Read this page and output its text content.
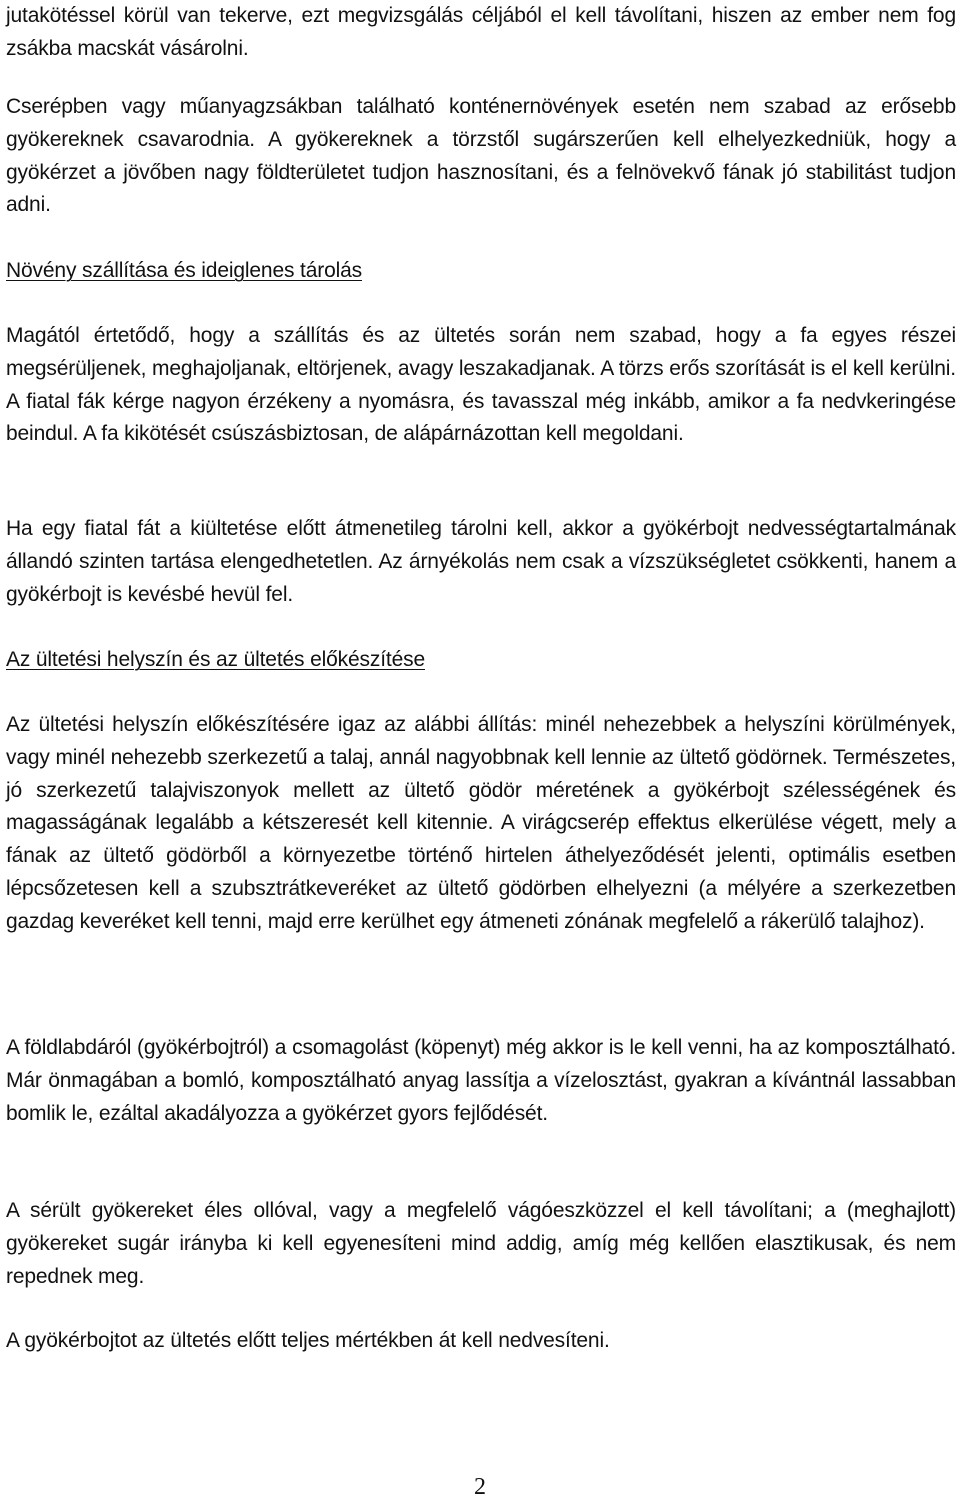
jutakötéssel körül van tekerve, ezt megvizsgálás céljából el kell távolítani, hiszen az ember nem fog zsákba macskát vásárolni.

Cserépben vagy műanyagzsákban található konténernövények esetén nem szabad az erősebb gyökereknek csavarodnia. A gyökereknek a törzstől sugárszerűen kell elhelyezkedniük, hogy a gyökérzet a jövőben nagy földterületet tudjon hasznosítani, és a felnövekvő fának jó stabilitást tudjon adni.

Növény szállítása és ideiglenes tárolás

Magától értetődő, hogy a szállítás és az ültetés során nem szabad, hogy a fa egyes részei megsérüljenek, meghajoljanak, eltörjenek, avagy leszakadjanak. A törzs erős szorítását is el kell kerülni. A fiatal fák kérge nagyon érzékeny a nyomásra, és tavasszal még inkább, amikor a fa nedvkeringése beindul. A fa kikötését csúszásbiztosan, de alápárnázottan kell megoldani.

Ha egy fiatal fát a kiültetése előtt átmenetileg tárolni kell, akkor a gyökérbojt nedvességtartalmának állandó szinten tartása elengedhetetlen. Az árnyékolás nem csak a vízszükségletet csökkenti, hanem a gyökérbojt is kevésbé hevül fel.

Az ültetési helyszín és az ültetés előkészítése

Az ültetési helyszín előkészítésére igaz az alábbi állítás: minél nehezebbek a helyszíni körülmények, vagy minél nehezebb szerkezetű a talaj, annál nagyobbnak kell lennie az ültető gödörnek. Természetes, jó szerkezetű talajviszonyok mellett az ültető gödör méretének a gyökérbojt szélességének és magasságának legalább a kétszeresét kell kitennie. A virágcserép effektus elkerülése végett, mely a fának az ültető gödörből a környezetbe történő hirtelen áthelyeződését jelenti, optimális esetben lépcsőzetesen kell a szubsztrátkeveréket az ültető gödörben elhelyezni (a mélyére a szerkezetben gazdag keveréket kell tenni, majd erre kerülhet egy átmeneti zónának megfelelő a rákerülő talajhoz).

A földlabdáról (gyökérbojtról) a csomagolást (köpenyt) még akkor is le kell venni, ha az komposztálható. Már önmagában a bomló, komposztálható anyag lassítja a vízelosztást, gyakran a kívántnál lassabban bomlik le, ezáltal akadályozza a gyökérzet gyors fejlődését.

A sérült gyökereket éles ollóval, vagy a megfelelő vágóeszközzel el kell távolítani; a (meghajlott) gyökereket sugár irányba ki kell egyenesíteni mind addig, amíg még kellően elasztikusak, és nem repednek meg.

A gyökérbojtot az ültetés előtt teljes mértékben át kell nedvesíteni.

2
